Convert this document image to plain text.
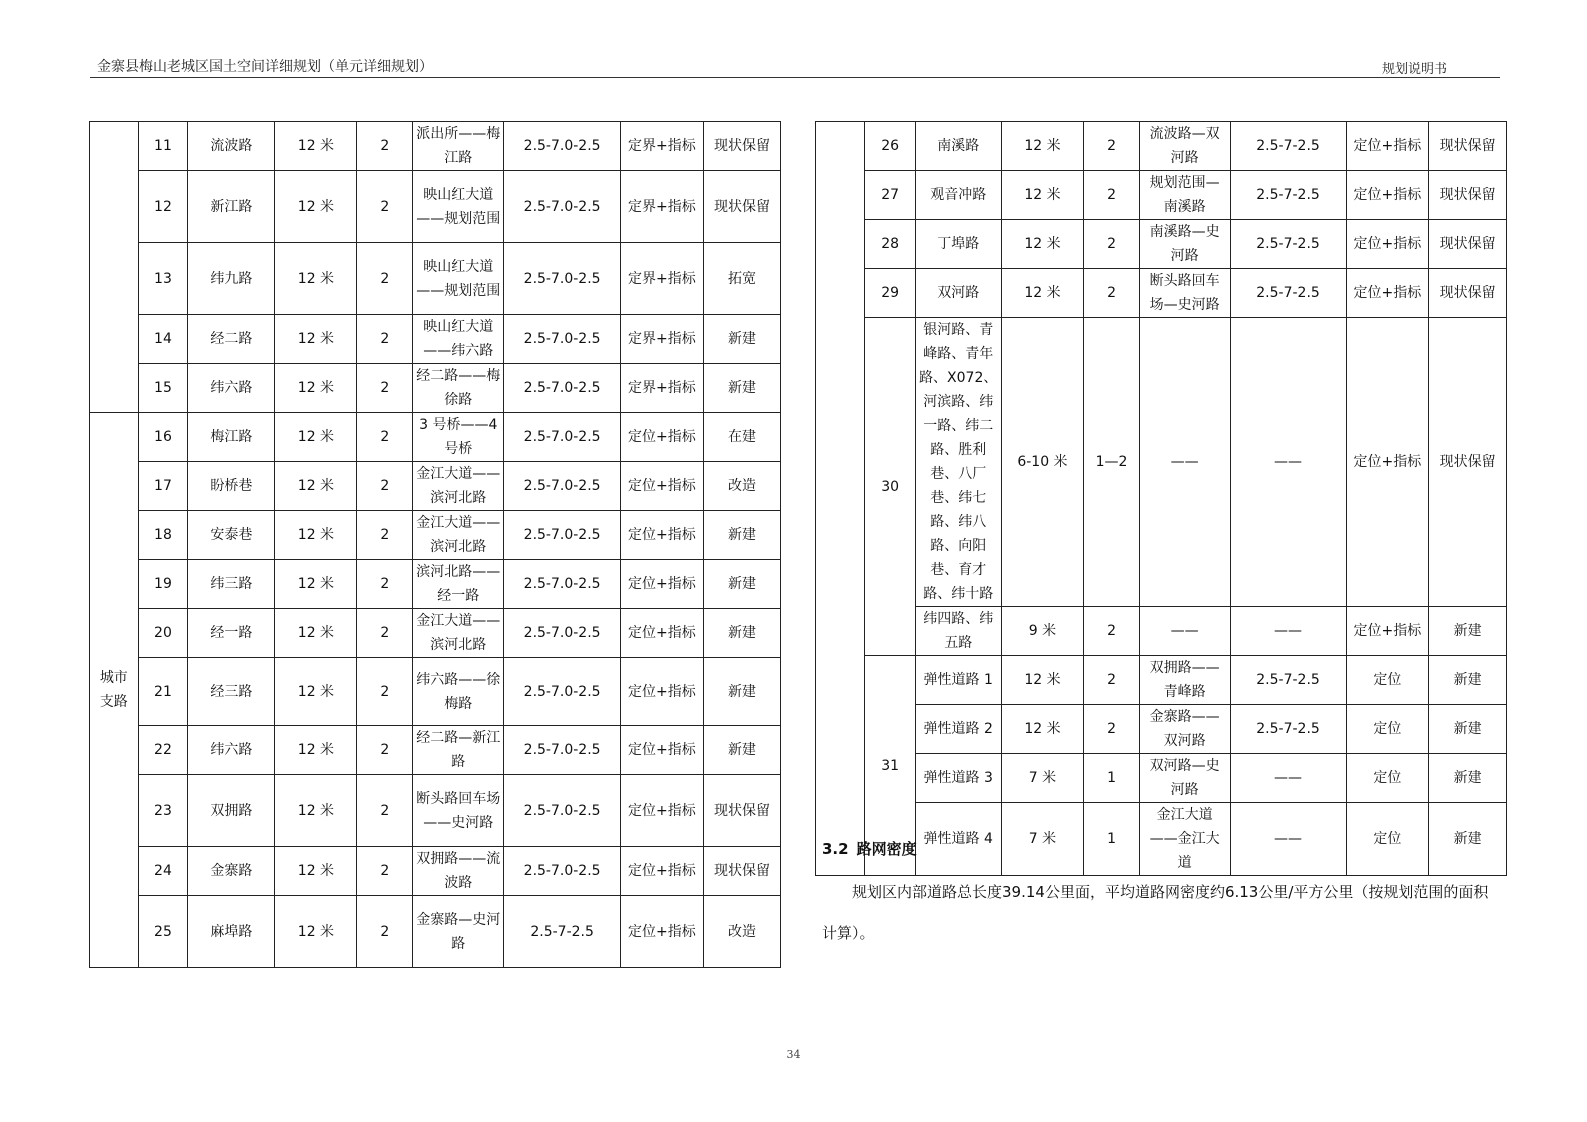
金寨县梅山老城区国土空间详细规划（单元详细规划）	规划说明书
	11	流波路	12 米	2	派出所——梅江路	2.5-7.0-2.5	定界+指标	现状保留
	12	新江路	12 米	2	映山红大道——规划范围	2.5-7.0-2.5	定界+指标	现状保留
	13	纬九路	12 米	2	映山红大道——规划范围	2.5-7.0-2.5	定界+指标	拓宽
	14	经二路	12 米	2	映山红大道——纬六路	2.5-7.0-2.5	定界+指标	新建
	15	纬六路	12 米	2	经二路——梅徐路	2.5-7.0-2.5	定界+指标	新建
城市支路	16	梅江路	12 米	2	3 号桥——4 号桥	2.5-7.0-2.5	定位+指标	在建
	17	盼桥巷	12 米	2	金江大道——滨河北路	2.5-7.0-2.5	定位+指标	改造
	18	安泰巷	12 米	2	金江大道——滨河北路	2.5-7.0-2.5	定位+指标	新建
	19	纬三路	12 米	2	滨河北路——经一路	2.5-7.0-2.5	定位+指标	新建
	20	经一路	12 米	2	金江大道——滨河北路	2.5-7.0-2.5	定位+指标	新建
	21	经三路	12 米	2	纬六路——徐梅路	2.5-7.0-2.5	定位+指标	新建
	22	纬六路	12 米	2	经二路—新江路	2.5-7.0-2.5	定位+指标	新建
	23	双拥路	12 米	2	断头路回车场——史河路	2.5-7.0-2.5	定位+指标	现状保留
	24	金寨路	12 米	2	双拥路——流波路	2.5-7.0-2.5	定位+指标	现状保留
	25	麻埠路	12 米	2	金寨路—史河路	2.5-7-2.5	定位+指标	改造
	26	南溪路	12 米	2	流波路—双河路	2.5-7-2.5	定位+指标	现状保留
	27	观音冲路	12 米	2	规划范围—南溪路	2.5-7-2.5	定位+指标	现状保留
	28	丁埠路	12 米	2	南溪路—史河路	2.5-7-2.5	定位+指标	现状保留
	29	双河路	12 米	2	断头路回车场—史河路	2.5-7-2.5	定位+指标	现状保留
	30	银河路、青峰路、青年路、X072、河滨路、纬一路、纬二路、胜利巷、八厂巷、纬七路、纬八路、向阳巷、育才路、纬十路	6-10 米	1—2	——	——	定位+指标	现状保留
		纬四路、纬五路	9 米	2	——	——	定位+指标	新建
	31	弹性道路 1	12 米	2	双拥路——青峰路	2.5-7-2.5	定位	新建
		弹性道路 2	12 米	2	金寨路——双河路	2.5-7-2.5	定位	新建
		弹性道路 3	7 米	1	双河路—史河路	——	定位	新建
		弹性道路 4	7 米	1	金江大道——金江大道	——	定位	新建
3.2 路网密度
规划区内部道路总长度39.14公里面，平均道路网密度约6.13公里/平方公里（按规划范围的面积计算）。
34
